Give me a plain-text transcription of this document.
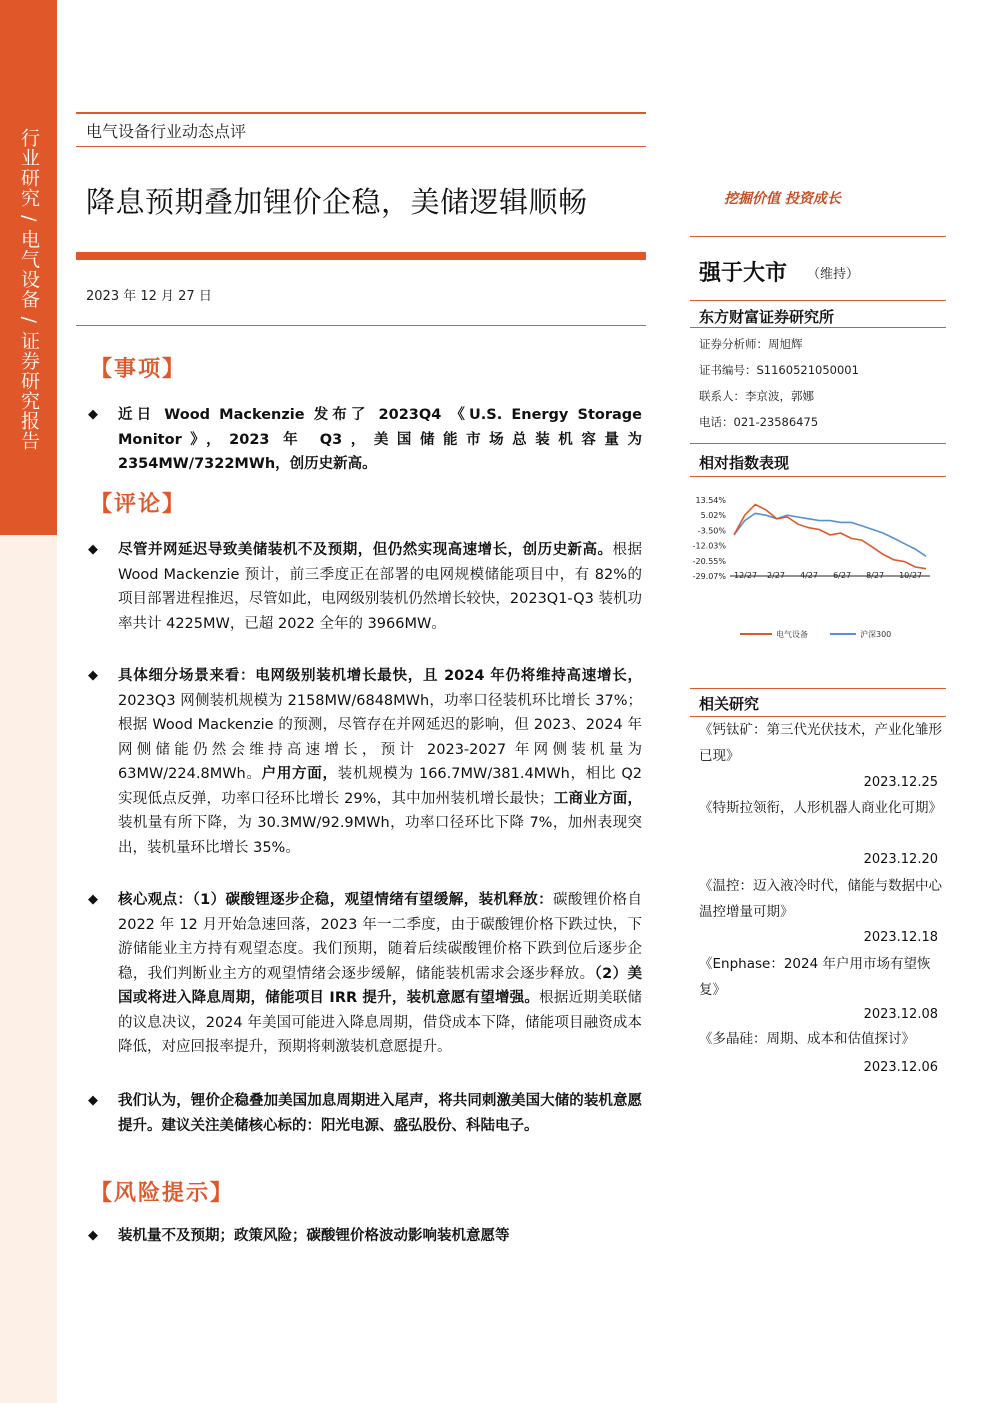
行业研究 / 电气设备 / 证券研究报告	电气设备行业动态点评
降息预期叠加锂价企稳，美储逻辑顺畅
2023 年 12 月 27 日
【事项】
◆ 近日 Wood Mackenzie 发布了 2023Q4 《U.S. Energy Storage Monitor》，2023 年 Q3，美国储能市场总装机容量为 2354MW/7322MWh，创历史新高。
【评论】
◆ 尽管并网延迟导致美储装机不及预期，但仍然实现高速增长，创历史新高。根据 Wood Mackenzie 预计，前三季度正在部署的电网规模储能项目中，有 82%的项目部署进程推迟，尽管如此，电网级别装机仍然增长较快，2023Q1-Q3 装机功率共计 4225MW，已超 2022 全年的 3966MW。
◆ 具体细分场景来看：电网级别装机增长最快，且 2024 年仍将维持高速增长，2023Q3 网侧装机规模为 2158MW/6848MWh，功率口径装机环比增长 37%；根据 Wood Mackenzie 的预测，尽管存在并网延迟的影响，但 2023、2024 年网侧储能仍然会维持高速增长，预计 2023-2027 年网侧装机量为 63MW/224.8MWh。户用方面，装机规模为 166.7MW/381.4MWh，相比 Q2 实现低点反弹，功率口径环比增长 29%，其中加州装机增长最快；工商业方面，装机量有所下降，为 30.3MW/92.9MWh，功率口径环比下降 7%，加州表现突出，装机量环比增长 35%。
◆ 核心观点：（1）碳酸锂逐步企稳，观望情绪有望缓解，装机释放：碳酸锂价格自 2022 年 12 月开始急速回落，2023 年一二季度，由于碳酸锂价格下跌过快，下游储能业主方持有观望态度。我们预期，随着后续碳酸锂价格下跌到位后逐步企稳，我们判断业主方的观望情绪会逐步缓解，储能装机需求会逐步释放。（2）美国或将进入降息周期，储能项目 IRR 提升，装机意愿有望增强。根据近期美联储的议息决议，2024 年美国可能进入降息周期，借贷成本下降，储能项目融资成本降低，对应回报率提升，预期将刺激装机意愿提升。
◆ 我们认为，锂价企稳叠加美国加息周期进入尾声，将共同刺激美国大储的装机意愿提升。建议关注美储核心标的：阳光电源、盛弘股份、科陆电子。
【风险提示】
◆ 装机量不及预期；政策风险；碳酸锂价格波动影响装机意愿等
挖掘价值 投资成长
强于大市 （维持）
东方财富证券研究所
证券分析师：周旭辉
证书编号：S1160521050001
联系人：李京波，郭娜
电话：021-23586475
相对指数表现
13.54%
5.02%
-3.50%
-12.03%
-20.55%
-29.07% 12/27 2/27 4/27 6/27 8/27 10/27
电气设备	沪深300
相关研究
《钙钛矿：第三代光伏技术，产业化雏形已现》
2023.12.25
《特斯拉领衔，人形机器人商业化可期》
2023.12.20
《温控：迈入液冷时代，储能与数据中心温控增量可期》
2023.12.18
《Enphase：2024 年户用市场有望恢复》
2023.12.08
《多晶硅：周期、成本和估值探讨》
2023.12.06
